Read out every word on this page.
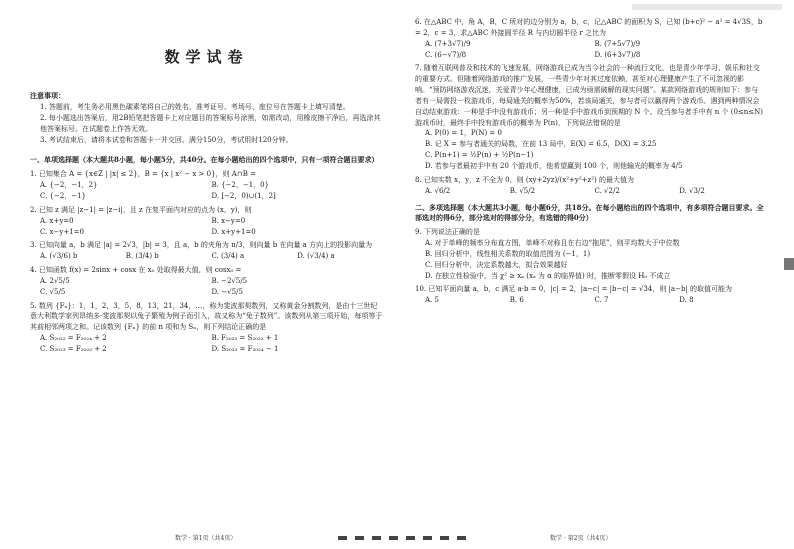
数学试卷
注意事项：

1. 答题前，考生务必用黑色碳素笔将自己的姓名、准考证号、考场号、座位号在答题卡上填写清楚。

2. 每小题选出答案后，用2B铅笔把答题卡上对应题目的答案标号涂黑，如需改动，用橡皮擦干净后，再选涂其他答案标号。在试题卷上作答无效。

3. 考试结束后，请将本试卷和答题卡一并交回。满分150分，考试用时120分钟。

一、单项选择题（本大题共8小题，每小题5分，共40分。在每小题给出的四个选项中，只有一项符合题目要求）
1. 已知集合 A = {x∈Z | |x| ≤ 2}，B = {x | x² − x > 0}，则 A∩B =
A. {−2，−1，2}	B. {−2，−1，0}
C. {−2，−1}	D. [−2，0)∪(1，2]
2. 已知 z 满足 |z−1| = |z−i|，且 z 在复平面内对应的点为 (x，y)，则
A. x+y=0	B. x−y=0
C. x−y+1=0	D. x+y+1=0
3. 已知向量 a，b 满足 |a| = 2√3，|b| = 3，且 a，b 的夹角为 π/3，则向量 b 在向量 a 方向上的投影向量为
A. (√3/6) b	B. (3/4) b	C. (3/4) a	D. (√3/4) a
4. 已知函数 f(x) = 2sinx + cosx 在 x₀ 处取得最大值，则 cosx₀ =
A. 2√5/5	B. −2√5/5
C. √5/5	D. −√5/5
5. 数列 {Fₙ}：1，1，2，3，5，8，13，21，34，…，称为斐波那契数列，又称黄金分割数列，是由十三世纪意大利数学家列昂纳多·斐波那契以兔子繁殖为例子而引入，故又称为“兔子数列”。该数列从第三项开始，每项等于其前相邻两项之和。记该数列 {Fₙ} 的前 n 项和为 Sₙ，则下列结论正确的是
A. S₂₀₂₂ = F₂₀₂₄ + 2	B. F₂₀₂₃ = S₂₀₂₂ + 1
C. S₂₀₂₃ = F₂₀₂₃ + 2	D. S₂₀₂₃ = F₂₀₂₄ − 1
数学 · 第1页（共4页）
6. 在△ABC 中，角 A，B，C 所对的边分别为 a，b，c，记△ABC 的面积为 S，已知 (b+c)² − a² = 4√3S，b = 2，c = 3，求△ABC 外接圆半径 R 与内切圆半径 r 之比为
A. (7+3√7)/9	B. (7+5√7)/9
C. (6−√7)/8	D. (6+3√7)/8
7. 随着互联网普及和技术的飞速发展，网络游戏已成为当今社会的一种流行文化，也是青少年学习、娱乐和社交的重要方式。但随着网络游戏的推广发展，一些青少年对其过度依赖，甚至对心理健康产生了不可忽视的影响。“预防网络游戏沉迷，关爱青少年心理健康，已成为亟需破解的现实问题”。某款网络游戏的规则如下：参与者有一局需投一枚游戏币，每局通关的概率为50%，若该局通关，参与者可以赢得两个游戏币。遇到两种情况会自动结束游戏：一种是手中没有游戏币；另一种是手中游戏币到预期的 N 个。设当参与者手中有 n 个 (0≤n≤N) 游戏币时，最终手中投有游戏币的概率为 P(n)，下列说法错误的是
A. P(0) = 1，P(N) = 0
B. 记 X = 参与者通关的局数，在前 13 局中，E(X) = 6.5，D(X) = 3.25
C. P(n+1) = ½P(n) + ½P(n−1)
D. 若参与者最初手中有 20 个游戏币，他希望赢到 100 个，则他输光的概率为 4/5
8. 已知实数 x，y，z 不全为 0，则 (xy+2yz)/(x²+y²+z²) 的最大值为
A. √6/2	B. √5/2	C. √2/2	D. √3/2
二、多项选择题（本大题共3小题，每小题6分，共18分。在每小题给出的四个选项中，有多项符合题目要求。全部选对的得6分，部分选对的得部分分，有选错的得0分）
9. 下列说法正确的是
A. 对于单峰的频率分布直方图，单峰不对称且在右边“拖尾”，则平均数大于中位数
B. 回归分析中，线性相关系数的取值范围为 (−1，1)
C. 回归分析中，决定系数越大，拟合效果越好
D. 在独立性检验中，当 χ² ≥ xₐ (xₐ 为 α 的临界值) 时，推断零假设 H₀ 不成立
10. 已知平面向量 a，b，c 满足 a·b = 0，|c| = 2，|a−c| = |b−c| = √34，则 |a−b| 的取值可能为
A. 5	B. 6	C. 7	D. 8
数学 · 第2页（共4页）
